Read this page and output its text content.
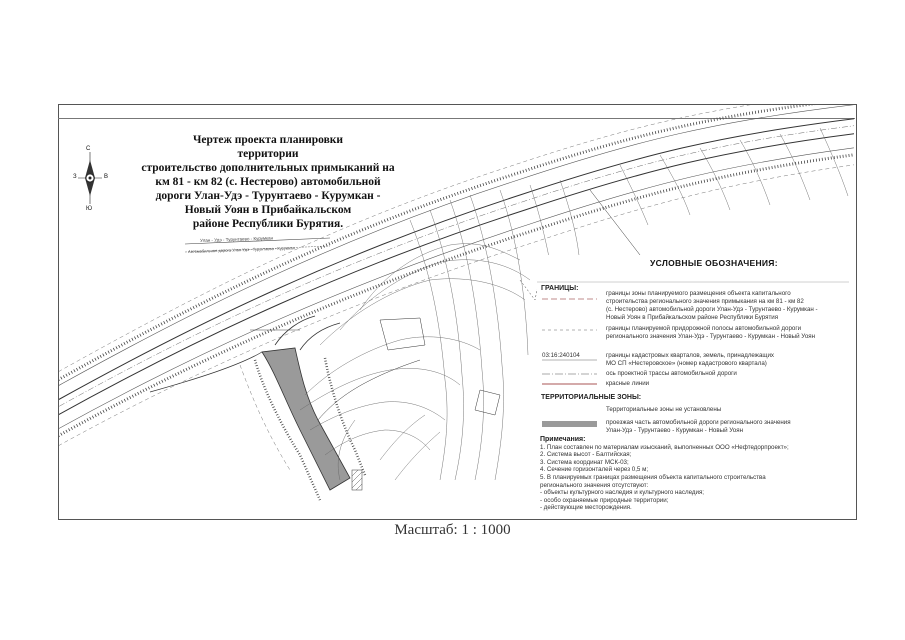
Чертеж проекта планировки
территории
строительство дополнительных примыканий на
км 81 - км 82 (с. Нестерово) автомобильной
дороги Улан-Удэ - Турунтаево - Курумкан -
Новый Уоян в Прибайкальском
районе Республики Бурятия.
С
З	В
Ю
Улан - Удэ - Турунтаево - Курумкан
Автомобильная дорога Улан-Удэ - Турунтаево - Курумкан
УСЛОВНЫЕ ОБОЗНАЧЕНИЯ:
ГРАНИЦЫ:
границы зоны планируемого размещения объекта капитального
строительства регионального значения примыкания на км 81 - км 82
(с. Нестерово) автомобильной дороги Улан-Удэ - Турунтаево - Курумкан -
Новый Уоян в Прибайкальском районе Республики Бурятия
границы планируемой придорожной полосы автомобильной дороги
регионального значения Улан-Удэ - Турунтаево - Курумкан - Новый Уоян
03:16:240104	границы кадастровых кварталов, земель, принадлежащих
МО СП «Нестеровское» (номер кадастрового квартала)
ось проектной трассы автомобильной дороги
красные линии
ТЕРРИТОРИАЛЬНЫЕ ЗОНЫ:
Территориальные зоны не установлены
проезжая часть автомобильной дороги регионального значения
Улан-Удэ - Турунтаево - Курумкан - Новый Уоян
Примечания:
1. План составлен по материалам изысканий, выполненных ООО «Нефтедорпроект»;
2. Система высот - Балтийская;
3. Система координат МСК-03;
4. Сечение горизонталей через 0,5 м;
5. В планируемых границах размещения объекта капитального строительства
регионального значения отсутствуют:
- объекты культурного наследия и культурного наследия;
- особо охраняемые природные территории;
- действующие месторождения.
Масштаб: 1 : 1000
